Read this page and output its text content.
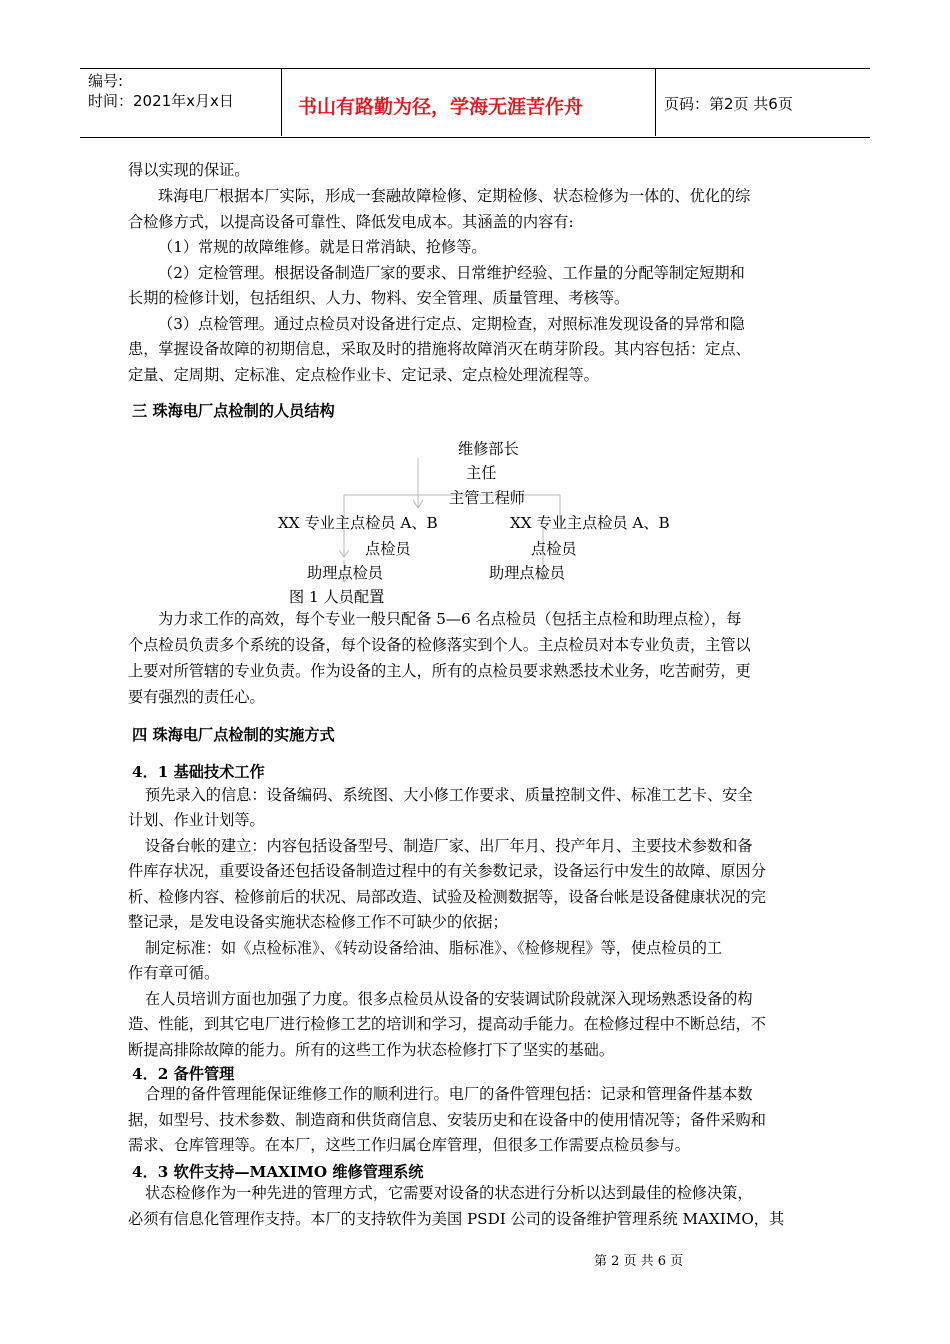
编号:
时间：2021年x月x日	书山有路勤为径，学海无涯苦作舟	页码：第2页 共6页
得以实现的保证。
珠海电厂根据本厂实际，形成一套融故障检修、定期检修、状态检修为一体的、优化的综
合检修方式，以提高设备可靠性、降低发电成本。其涵盖的内容有:
（1）常规的故障维修。就是日常消缺、抢修等。
（2）定检管理。根据设备制造厂家的要求、日常维护经验、工作量的分配等制定短期和
长期的检修计划，包括组织、人力、物料、安全管理、质量管理、考核等。
（3）点检管理。通过点检员对设备进行定点、定期检查，对照标准发现设备的异常和隐
患，掌握设备故障的初期信息，采取及时的措施将故障消灭在萌芽阶段。其内容包括：定点、
定量、定周期、定标准、定点检作业卡、定记录、定点检处理流程等。
三 珠海电厂点检制的人员结构
维修部长
主任
主管工程师
XX 专业主点检员 A、B	XX 专业主点检员 A、B
点检员	点检员
助理点检员	助理点检员
图 1 人员配置
为力求工作的高效，每个专业一般只配备 5—6 名点检员（包括主点检和助理点检），每
个点检员负责多个系统的设备，每个设备的检修落实到个人。主点检员对本专业负责，主管以
上要对所管辖的专业负责。作为设备的主人，所有的点检员要求熟悉技术业务，吃苦耐劳，更
要有强烈的责任心。
四 珠海电厂点检制的实施方式
4．1 基础技术工作
预先录入的信息：设备编码、系统图、大小修工作要求、质量控制文件、标准工艺卡、安全
计划、作业计划等。
设备台帐的建立：内容包括设备型号、制造厂家、出厂年月、投产年月、主要技术参数和备
件库存状况，重要设备还包括设备制造过程中的有关参数记录，设备运行中发生的故障、原因分
析、检修内容、检修前后的状况、局部改造、试验及检测数据等，设备台帐是设备健康状况的完
整记录，是发电设备实施状态检修工作不可缺少的依据；
制定标准：如《点检标准》、《转动设备给油、脂标准》、《检修规程》等，使点检员的工
作有章可循。
在人员培训方面也加强了力度。很多点检员从设备的安装调试阶段就深入现场熟悉设备的构
造、性能，到其它电厂进行检修工艺的培训和学习，提高动手能力。在检修过程中不断总结，不
断提高排除故障的能力。所有的这些工作为状态检修打下了坚实的基础。
4．2 备件管理
合理的备件管理能保证维修工作的顺利进行。电厂的备件管理包括：记录和管理备件基本数
据，如型号、技术参数、制造商和供货商信息、安装历史和在设备中的使用情况等；备件采购和
需求、仓库管理等。在本厂，这些工作归属仓库管理，但很多工作需要点检员参与。
4．3 软件支持—MAXIMO 维修管理系统
状态检修作为一种先进的管理方式，它需要对设备的状态进行分析以达到最佳的检修决策，
必须有信息化管理作支持。本厂的支持软件为美国 PSDI 公司的设备维护管理系统 MAXIMO，其
第 2 页 共 6 页
